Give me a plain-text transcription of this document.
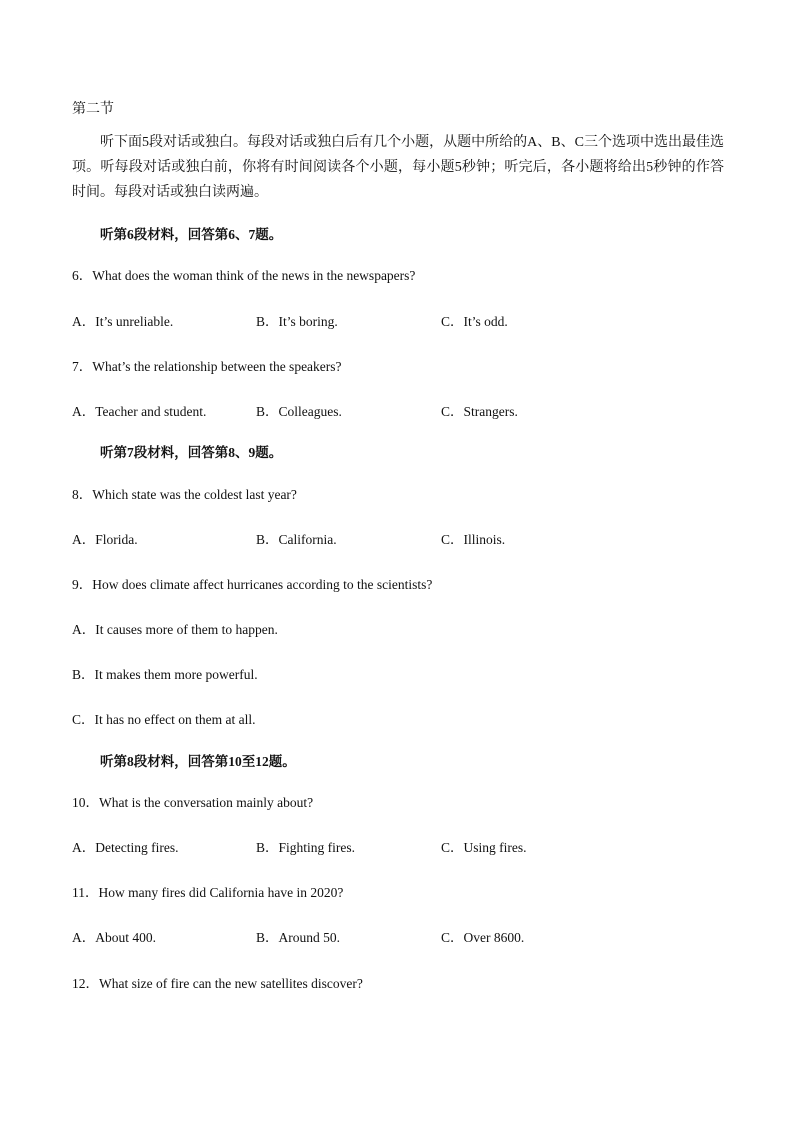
第二节
听下面5段对话或独白。每段对话或独白后有几个小题，从题中所给的A、B、C三个选项中选出最佳选项。听每段对话或独白前，你将有时间阅读各个小题，每小题5秒钟；听完后，各小题将给出5秒钟的作答时间。每段对话或独白读两遍。
听第6段材料，回答第6、7题。
6．What does the woman think of the news in the newspapers?
A．It’s unreliable.	B．It’s boring.	C．It’s odd.
7．What’s the relationship between the speakers?
A．Teacher and student.	B．Colleagues.	C．Strangers.
听第7段材料，回答第8、9题。
8．Which state was the coldest last year?
A．Florida.	B．California.	C．Illinois.
9．How does climate affect hurricanes according to the scientists?
A．It causes more of them to happen.
B．It makes them more powerful.
C．It has no effect on them at all.
听第8段材料，回答第10至12题。
10．What is the conversation mainly about?
A．Detecting fires.	B．Fighting fires.	C．Using fires.
11．How many fires did California have in 2020?
A．About 400.	B．Around 50.	C．Over 8600.
12．What size of fire can the new satellites discover?
